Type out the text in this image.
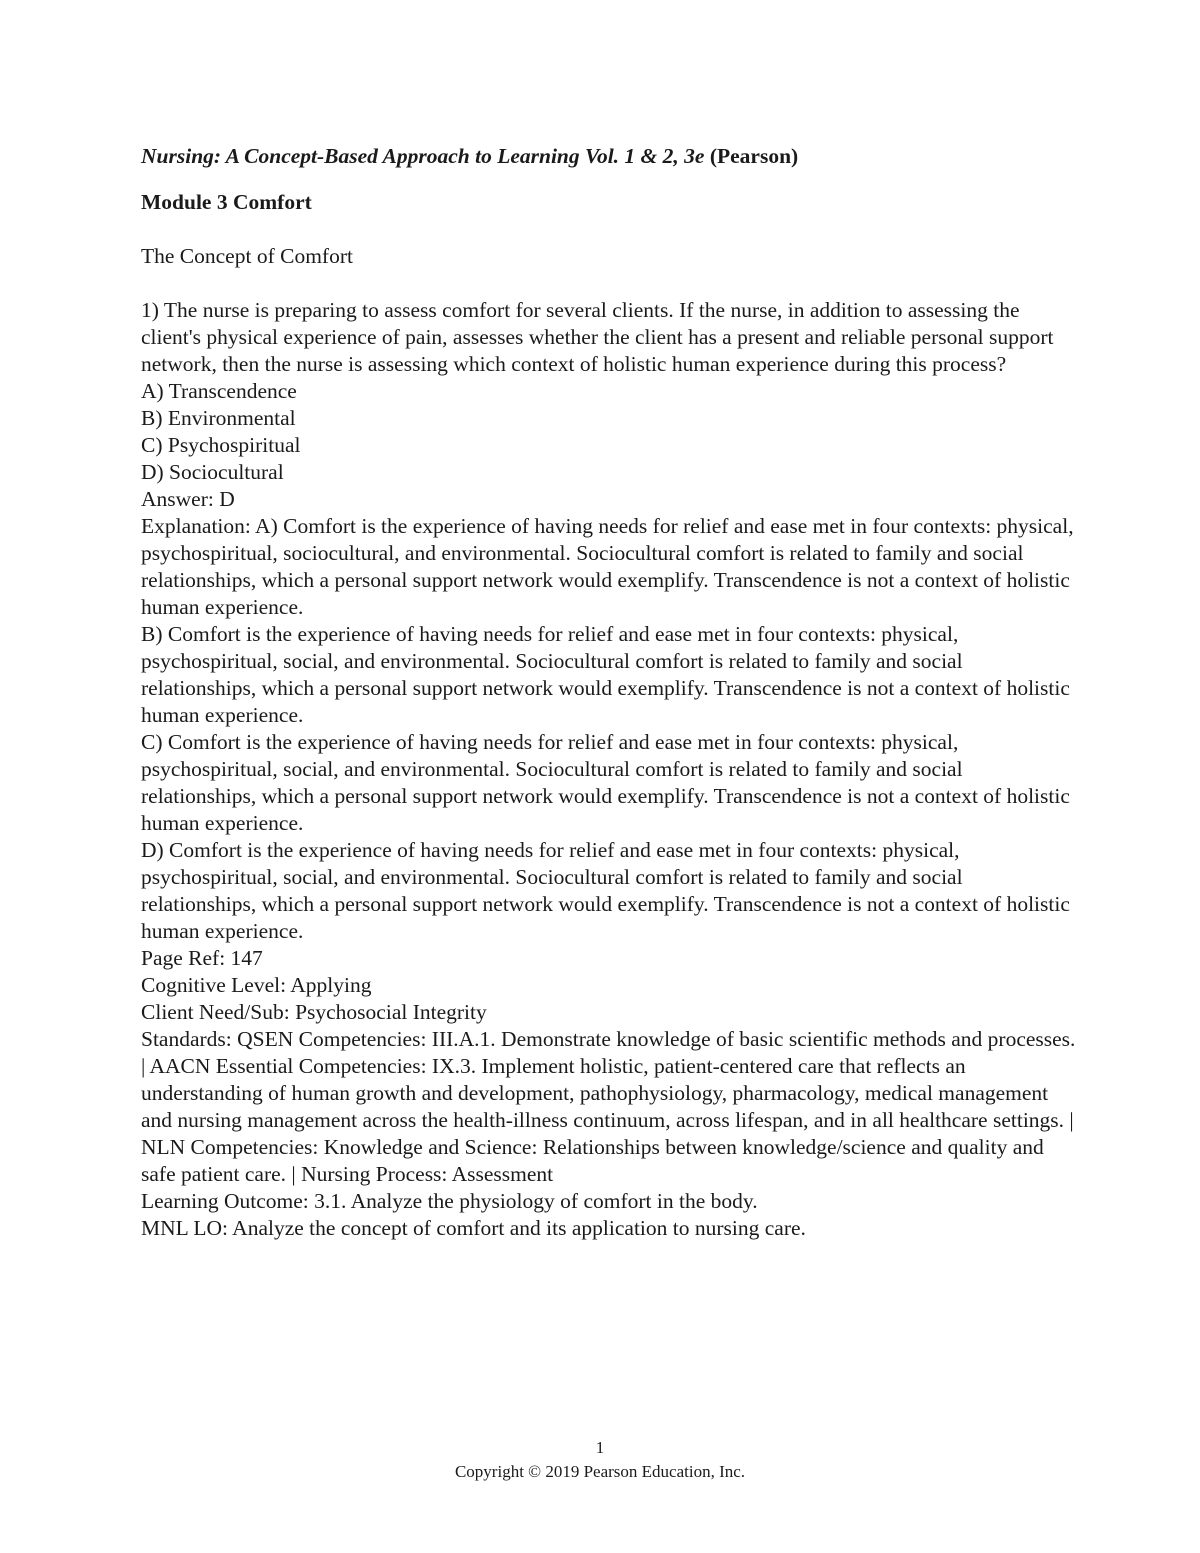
Nursing: A Concept-Based Approach to Learning Vol. 1 & 2, 3e (Pearson)

Module 3 Comfort

The Concept of Comfort

1) The nurse is preparing to assess comfort for several clients. If the nurse, in addition to assessing the client's physical experience of pain, assesses whether the client has a present and reliable personal support network, then the nurse is assessing which context of holistic human experience during this process?

A) Transcendence

B) Environmental

C) Psychospiritual

D) Sociocultural

Answer: D

Explanation: A) Comfort is the experience of having needs for relief and ease met in four contexts: physical, psychospiritual, sociocultural, and environmental. Sociocultural comfort is related to family and social relationships, which a personal support network would exemplify. Transcendence is not a context of holistic human experience.

B) Comfort is the experience of having needs for relief and ease met in four contexts: physical, psychospiritual, social, and environmental. Sociocultural comfort is related to family and social relationships, which a personal support network would exemplify. Transcendence is not a context of holistic human experience.

C) Comfort is the experience of having needs for relief and ease met in four contexts: physical, psychospiritual, social, and environmental. Sociocultural comfort is related to family and social relationships, which a personal support network would exemplify. Transcendence is not a context of holistic human experience.

D) Comfort is the experience of having needs for relief and ease met in four contexts: physical, psychospiritual, social, and environmental. Sociocultural comfort is related to family and social relationships, which a personal support network would exemplify. Transcendence is not a context of holistic human experience.

Page Ref: 147

Cognitive Level: Applying

Client Need/Sub: Psychosocial Integrity

Standards: QSEN Competencies: III.A.1. Demonstrate knowledge of basic scientific methods and processes. | AACN Essential Competencies: IX.3. Implement holistic, patient-centered care that reflects an understanding of human growth and development, pathophysiology, pharmacology, medical management and nursing management across the health-illness continuum, across lifespan, and in all healthcare settings. | NLN Competencies: Knowledge and Science: Relationships between knowledge/science and quality and safe patient care. | Nursing Process: Assessment

Learning Outcome: 3.1. Analyze the physiology of comfort in the body.

MNL LO: Analyze the concept of comfort and its application to nursing care.

1
Copyright © 2019 Pearson Education, Inc.
